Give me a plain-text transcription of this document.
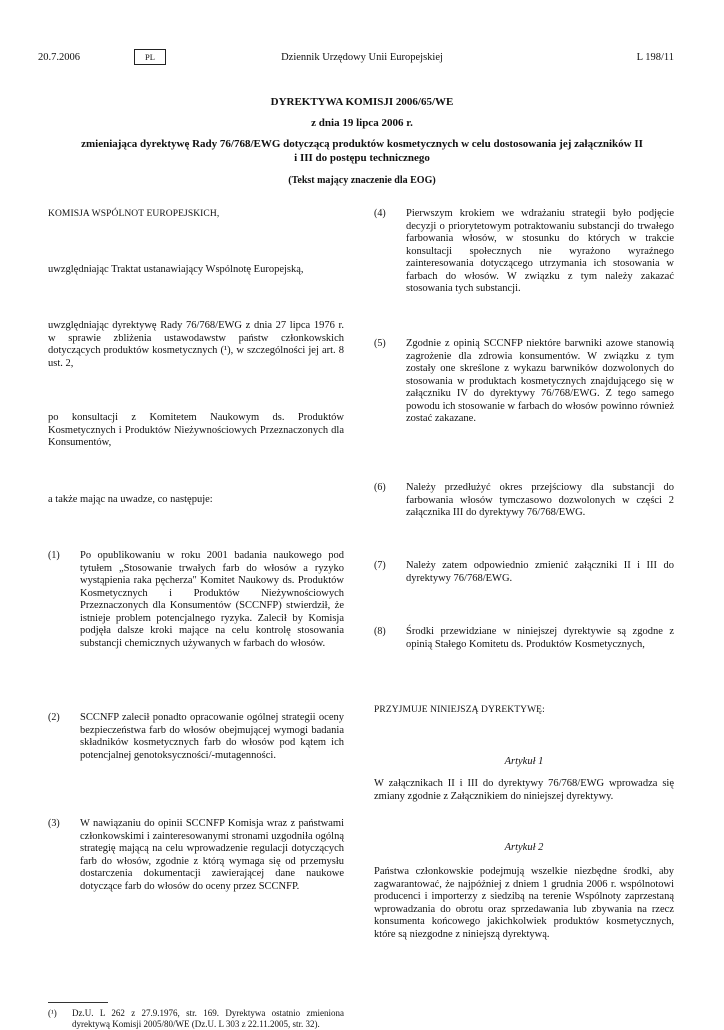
20.7.2006	PL	Dziennik Urzędowy Unii Europejskiej	L 198/11
DYREKTYWA KOMISJI 2006/65/WE
z dnia 19 lipca 2006 r.
zmieniająca dyrektywę Rady 76/768/EWG dotyczącą produktów kosmetycznych w celu dostosowania jej załączników II i III do postępu technicznego
(Tekst mający znaczenie dla EOG)
KOMISJA WSPÓLNOT EUROPEJSKICH,
uwzględniając Traktat ustanawiający Wspólnotę Europejską,
uwzględniając dyrektywę Rady 76/768/EWG z dnia 27 lipca 1976 r. w sprawie zbliżenia ustawodawstw państw członkowskich dotyczących produktów kosmetycznych (¹), w szczególności jej art. 8 ust. 2,
po konsultacji z Komitetem Naukowym ds. Produktów Kosmetycznych i Produktów Nieżywnościowych Przeznaczonych dla Konsumentów,
a także mając na uwadze, co następuje:
(1) Po opublikowaniu w roku 2001 badania naukowego pod tytułem „Stosowanie trwałych farb do włosów a ryzyko wystąpienia raka pęcherza" Komitet Naukowy ds. Produktów Kosmetycznych i Produktów Nieżywnościowych Przeznaczonych dla Konsumentów (SCCNFP) stwierdził, że istnieje problem potencjalnego ryzyka. Zalecił by Komisja podjęła dalsze kroki mające na celu kontrolę stosowania substancji chemicznych używanych w farbach do włosów.
(2) SCCNFP zalecił ponadto opracowanie ogólnej strategii oceny bezpieczeństwa farb do włosów obejmującej wymogi badania składników kosmetycznych farb do włosów pod kątem ich potencjalnej genotoksyczności/-mutagenności.
(3) W nawiązaniu do opinii SCCNFP Komisja wraz z państwami członkowskimi i zainteresowanymi stronami uzgodniła ogólną strategię mającą na celu wprowadzenie regulacji dotyczących farb do włosów, zgodnie z którą wymaga się od przemysłu dostarczenia dokumentacji zawierającej dane naukowe dotyczące farb do włosów do oceny przez SCCNFP.
(4) Pierwszym krokiem we wdrażaniu strategii było podjęcie decyzji o priorytetowym potraktowaniu substancji do trwałego farbowania włosów, w stosunku do których w trakcie konsultacji społecznych nie wyrażono wyraźnego zainteresowania dotyczącego utrzymania ich stosowania w farbach do włosów. W związku z tym należy zakazać stosowania tych substancji.
(5) Zgodnie z opinią SCCNFP niektóre barwniki azowe stanowią zagrożenie dla zdrowia konsumentów. W związku z tym zostały one skreślone z wykazu barwników dozwolonych do stosowania w produktach kosmetycznych znajdującego się w załączniku IV do dyrektywy 76/768/EWG. Z tego samego powodu ich stosowanie w farbach do włosów powinno również zostać zakazane.
(6) Należy przedłużyć okres przejściowy dla substancji do farbowania włosów tymczasowo dozwolonych w części 2 załącznika III do dyrektywy 76/768/EWG.
(7) Należy zatem odpowiednio zmienić załączniki II i III do dyrektywy 76/768/EWG.
(8) Środki przewidziane w niniejszej dyrektywie są zgodne z opinią Stałego Komitetu ds. Produktów Kosmetycznych,
PRZYJMUJE NINIEJSZĄ DYREKTYWĘ:
Artykuł 1
W załącznikach II i III do dyrektywy 76/768/EWG wprowadza się zmiany zgodnie z Załącznikiem do niniejszej dyrektywy.
Artykuł 2
Państwa członkowskie podejmują wszelkie niezbędne środki, aby zagwarantować, że najpóźniej z dniem 1 grudnia 2006 r. wspólnotowi producenci i importerzy z siedzibą na terenie Wspólnoty zaprzestaną wprowadzania do obrotu oraz sprzedawania lub zbywania na rzecz konsumenta końcowego jakichkolwiek produktów kosmetycznych, które są niezgodne z niniejszą dyrektywą.
(¹) Dz.U. L 262 z 27.9.1976, str. 169. Dyrektywa ostatnio zmieniona dyrektywą Komisji 2005/80/WE (Dz.U. L 303 z 22.11.2005, str. 32).
